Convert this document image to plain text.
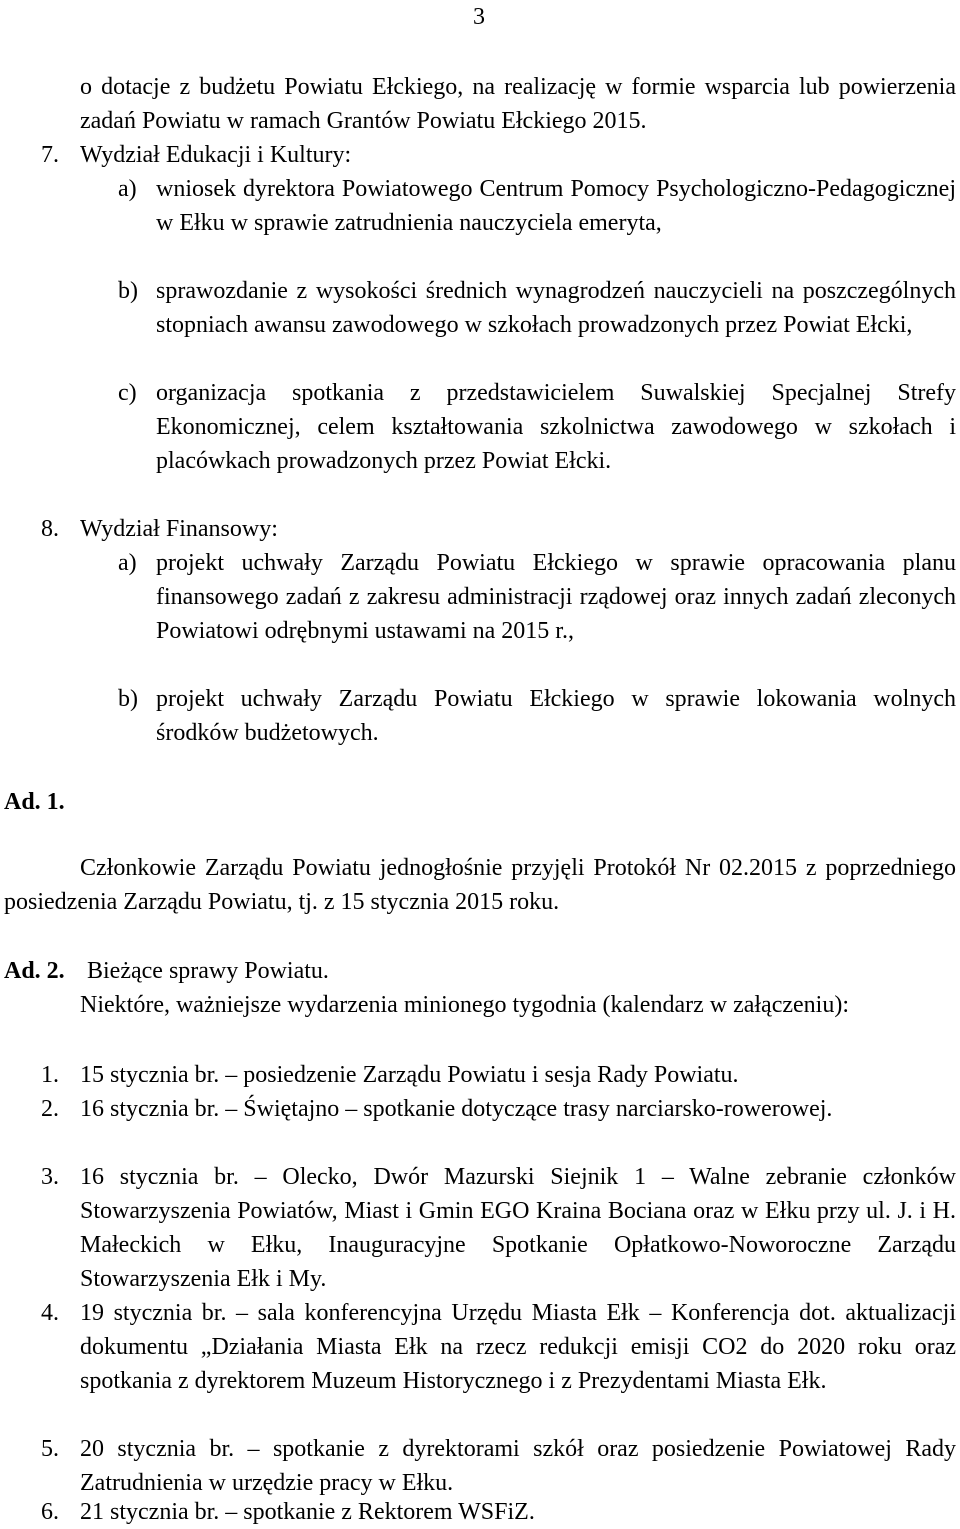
3
o dotacje z budżetu Powiatu Ełckiego, na realizację w formie wsparcia lub powierzenia zadań Powiatu w ramach Grantów Powiatu Ełckiego 2015.
7. Wydział Edukacji i Kultury:
a) wniosek dyrektora Powiatowego Centrum Pomocy Psychologiczno-Pedagogicznej w Ełku w sprawie zatrudnienia nauczyciela emeryta,
b) sprawozdanie z wysokości średnich wynagrodzeń nauczycieli na poszczególnych stopniach awansu zawodowego w szkołach prowadzonych przez Powiat Ełcki,
c) organizacja spotkania z przedstawicielem Suwalskiej Specjalnej Strefy Ekonomicznej, celem kształtowania szkolnictwa zawodowego w szkołach i placówkach prowadzonych przez Powiat Ełcki.
8. Wydział Finansowy:
a) projekt uchwały Zarządu Powiatu Ełckiego w sprawie opracowania planu finansowego zadań z zakresu administracji rządowej oraz innych zadań zleconych Powiatowi odrębnymi ustawami na 2015 r.,
b) projekt uchwały Zarządu Powiatu Ełckiego w sprawie lokowania wolnych środków budżetowych.
Ad. 1.
Członkowie Zarządu Powiatu jednogłośnie przyjęli Protokół Nr 02.2015 z poprzedniego posiedzenia Zarządu Powiatu, tj. z 15 stycznia 2015 roku.
Ad. 2. Bieżące sprawy Powiatu.
Niektóre, ważniejsze wydarzenia minionego tygodnia (kalendarz w załączeniu):
1. 15 stycznia br. – posiedzenie Zarządu Powiatu i sesja Rady Powiatu.
2. 16 stycznia br. – Świętajno – spotkanie dotyczące trasy narciarsko-rowerowej.
3. 16 stycznia br. – Olecko, Dwór Mazurski Siejnik 1 – Walne zebranie członków Stowarzyszenia Powiatów, Miast i Gmin EGO Kraina Bociana oraz w Ełku przy ul. J. i H. Małeckich w Ełku, Inauguracyjne Spotkanie Opłatkowo-Noworoczne Zarządu Stowarzyszenia Ełk i My.
4. 19 stycznia br. – sala konferencyjna Urzędu Miasta Ełk – Konferencja dot. aktualizacji dokumentu „Działania Miasta Ełk na rzecz redukcji emisji CO2 do 2020 roku oraz spotkania z dyrektorem Muzeum Historycznego i z Prezydentami Miasta Ełk.
5. 20 stycznia br. – spotkanie z dyrektorami szkół oraz posiedzenie Powiatowej Rady Zatrudnienia w urzędzie pracy w Ełku.
6. 21 stycznia br. – spotkanie z Rektorem WSFiZ.
